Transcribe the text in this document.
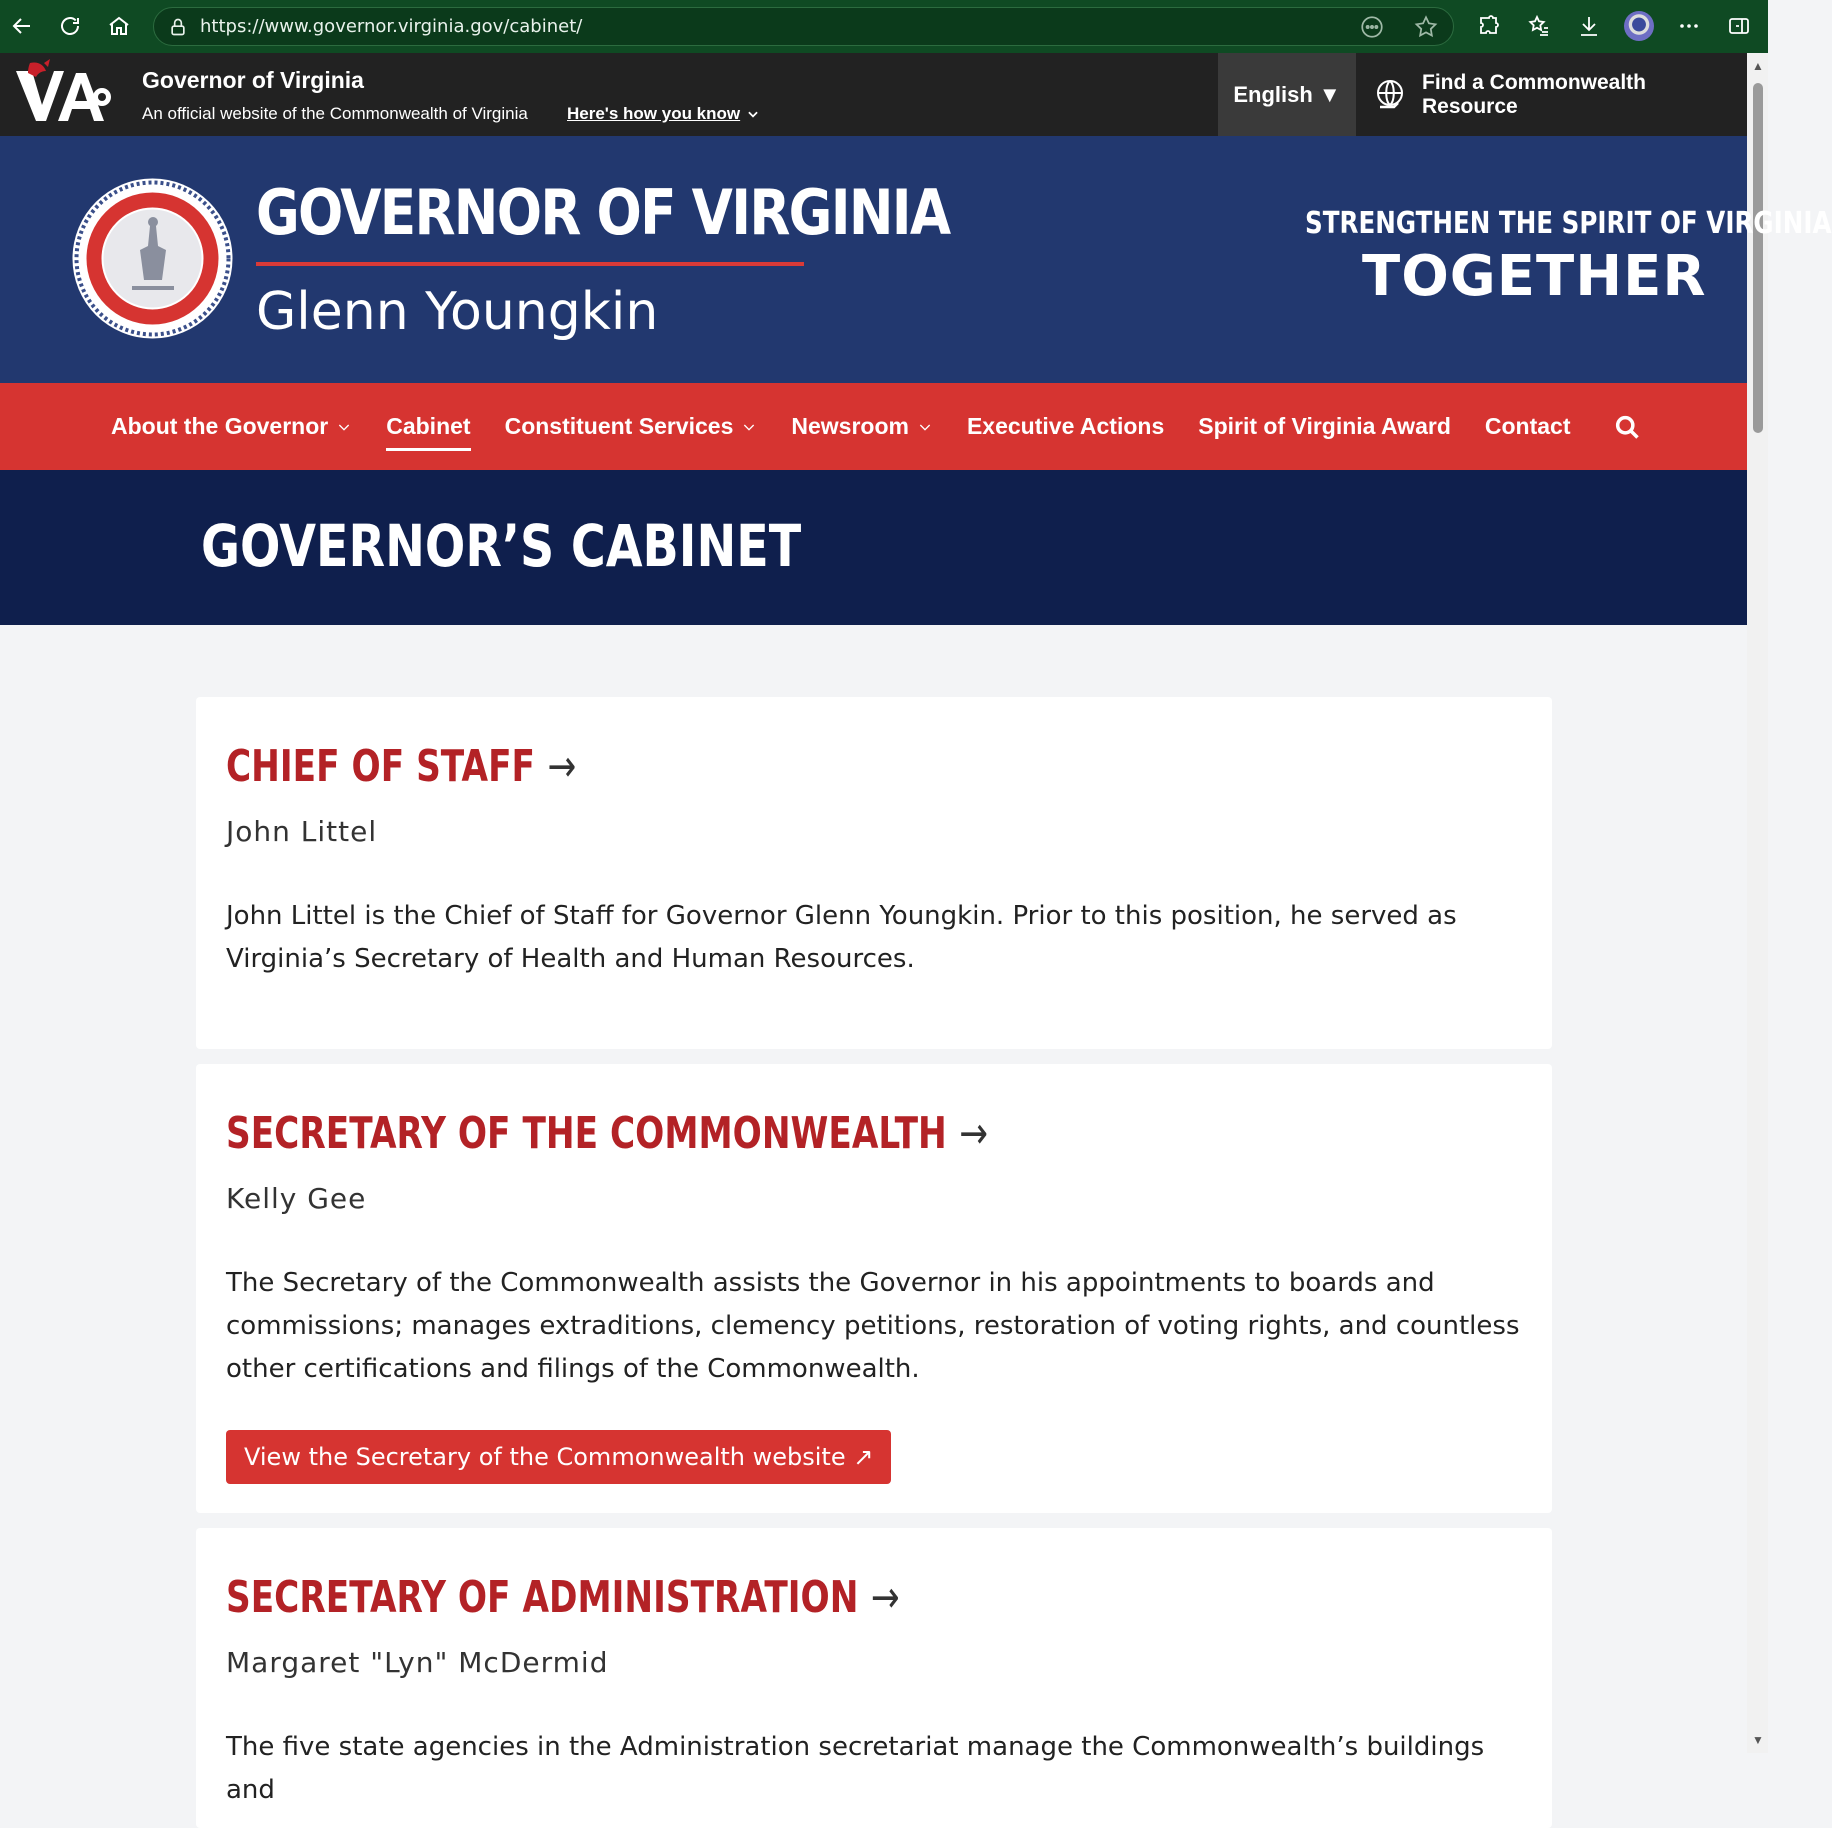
https://www.governor.virginia.gov/cabinet/
▲
▼
Governor of Virginia
An official website of the Commonwealth of Virginia Here's how you know
English ▼	Find a Commonwealth Resource
GOVERNOR OF VIRGINIA
Glenn Youngkin
STRENGTHEN THE SPIRIT OF VIRGINIA
TOGETHER
About the Governor	Cabinet Constituent Services	Newsroom	Executive Actions Spirit of Virginia Award Contact
GOVERNOR’S CABINET
CHIEF OF STAFF →
John Littel
John Littel is the Chief of Staff for Governor Glenn Youngkin. Prior to this position, he served as Virginia’s Secretary of Health and Human Resources.
SECRETARY OF THE COMMONWEALTH →
Kelly Gee
The Secretary of the Commonwealth assists the Governor in his appointments to boards and commissions; manages extraditions, clemency petitions, restoration of voting rights, and countless other certifications and filings of the Commonwealth.
View the Secretary of the Commonwealth website ↗
SECRETARY OF ADMINISTRATION →
Margaret "Lyn" McDermid
The five state agencies in the Administration secretariat manage the Commonwealth’s buildings and
